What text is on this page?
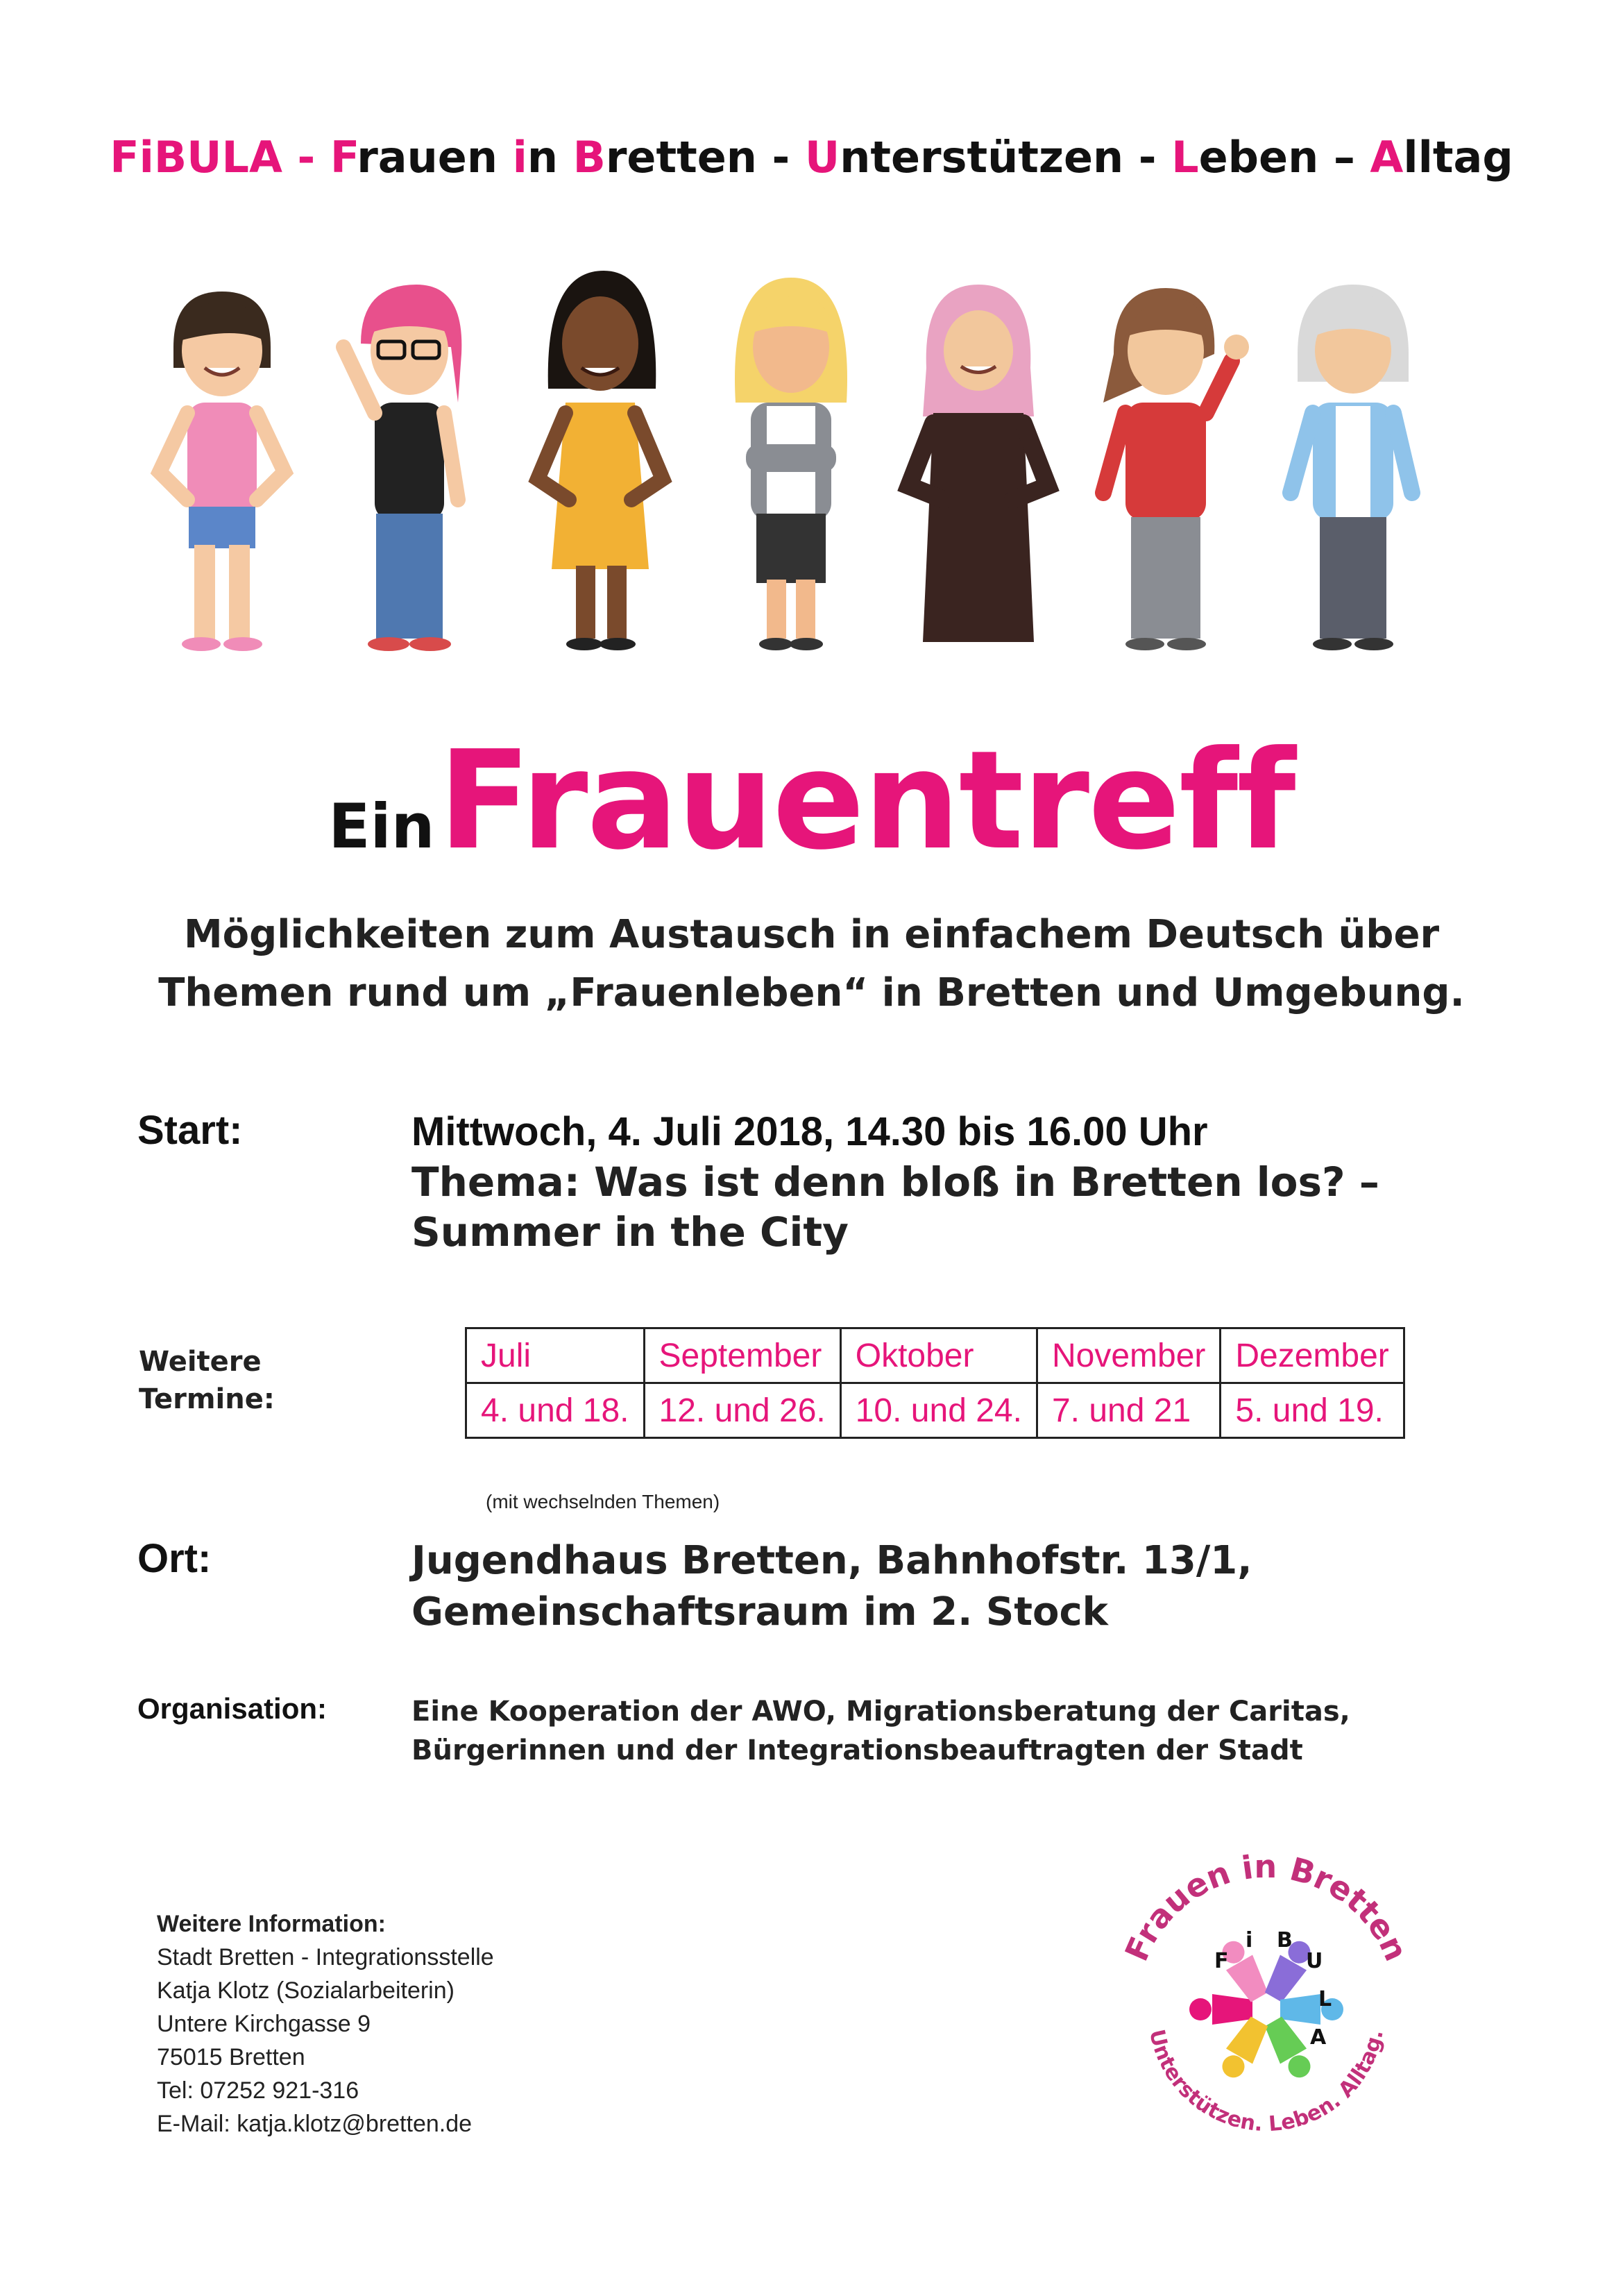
FiBULA - Frauen in Bretten - Unterstützen - Leben – Alltag
Ein Frauentreff
Möglichkeiten zum Austausch in einfachem Deutsch über
Themen rund um „Frauenleben“ in Bretten und Umgebung.
Start:	Mittwoch, 4. Juli 2018, 14.30 bis 16.00 Uhr
Thema: Was ist denn bloß in Bretten los? –
Summer in the City
Weitere
Termine:
Juli	September	Oktober	November	Dezember
4. und 18.	12. und 26.	10. und 24.	7. und 21	5. und 19.
(mit wechselnden Themen)
Ort:	Jugendhaus Bretten, Bahnhofstr. 13/1,
Gemeinschaftsraum im 2. Stock
Organisation:	Eine Kooperation der AWO, Migrationsberatung der Caritas,
Bürgerinnen und der Integrationsbeauftragten der Stadt
Weitere Information:
Stadt Bretten - Integrationsstelle
Katja Klotz (Sozialarbeiterin)
Untere Kirchgasse 9
75015 Bretten
Tel: 07252 921-316
E-Mail: katja.klotz@bretten.de
Frauen in Bretten
Unterstützen. Leben. Alltag.
F
i B
U
L
A
